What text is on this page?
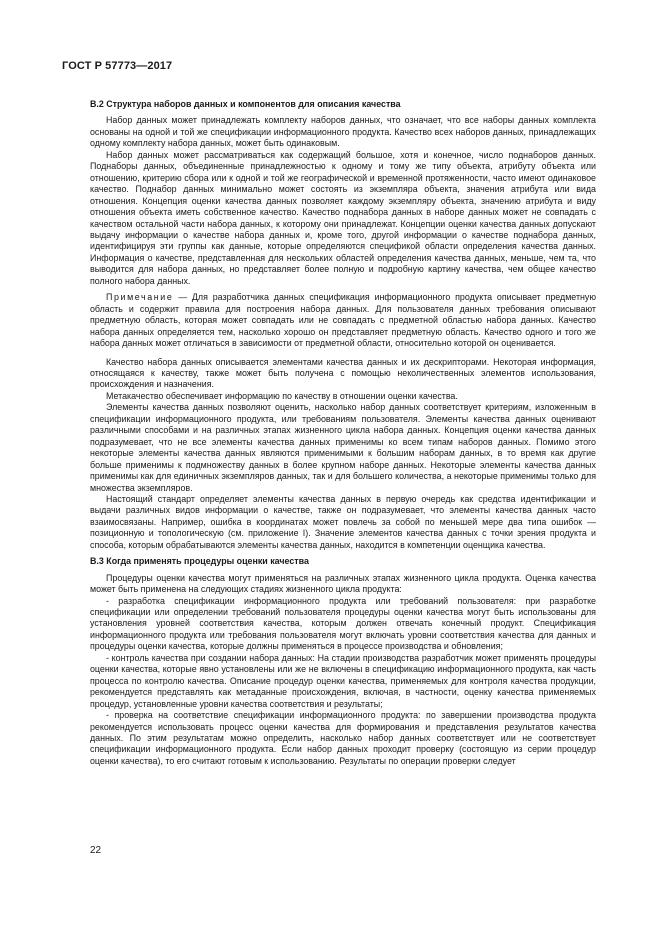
ГОСТ Р 57773—2017
B.2 Структура наборов данных и компонентов для описания качества

Набор данных может принадлежать комплекту наборов данных, что означает, что все наборы данных комплекта основаны на одной и той же спецификации информационного продукта. Качество всех наборов данных, принадлежащих одному комплекту набора данных, может быть одинаковым.

Набор данных может рассматриваться как содержащий большое, хотя и конечное, число поднаборов данных. Поднаборы данных, объединенные принадлежностью к одному и тому же типу объекта, атрибуту объекта или отношению, критерию сбора или к одной и той же географической и временной протяженности, часто имеют одинаковое качество. Поднабор данных минимально может состоять из экземпляра объекта, значения атрибута или вида отношения. Концепция оценки качества данных позволяет каждому экземпляру объекта, значению атрибута и виду отношения объекта иметь собственное качество. Качество поднабора данных в наборе данных может не совпадать с качеством остальной части набора данных, к которому они принадлежат. Концепции оценки качества данных допускают выдачу информации о качестве набора данных и, кроме того, другой информации о качестве поднабора данных, идентифицируя эти группы как данные, которые определяются спецификой области определения качества данных. Информация о качестве, представленная для нескольких областей определения качества данных, меньше, чем та, что выводится для набора данных, но представляет более полную и подробную картину качества, чем общее качество полного набора данных.

Примечание — Для разработчика данных спецификация информационного продукта описывает предметную область и содержит правила для построения набора данных. Для пользователя данных требования описывают предметную область, которая может совпадать или не совпадать с предметной областью набора данных. Качество набора данных определяется тем, насколько хорошо он представляет предметную область. Качество одного и того же набора данных может отличаться в зависимости от предметной области, относительно которой он оценивается.

Качество набора данных описывается элементами качества данных и их дескрипторами. Некоторая информация, относящаяся к качеству, также может быть получена с помощью неколичественных элементов использования, происхождения и назначения.

Метакачество обеспечивает информацию по качеству в отношении оценки качества.

Элементы качества данных позволяют оценить, насколько набор данных соответствует критериям, изложенным в спецификации информационного продукта, или требованиям пользователя. Элементы качества данных оценивают различными способами и на различных этапах жизненного цикла набора данных. Концепция оценки качества данных подразумевает, что не все элементы качества данных применимы ко всем типам наборов данных. Помимо этого некоторые элементы качества данных являются применимыми к большим наборам данных, в то время как другие больше применимы к подмножеству данных в более крупном наборе данных. Некоторые элементы качества данных применимы как для единичных экземпляров данных, так и для большего количества, а некоторые применимы только для множества экземпляров.

Настоящий стандарт определяет элементы качества данных в первую очередь как средства идентификации и выдачи различных видов информации о качестве, также он подразумевает, что элементы качества данных часто взаимосвязаны. Например, ошибка в координатах может повлечь за собой по меньшей мере два типа ошибок — позиционную и топологическую (см. приложение I). Значение элементов качества данных с точки зрения продукта и способа, которым обрабатываются элементы качества данных, находится в компетенции оценщика качества.

B.3 Когда применять процедуры оценки качества

Процедуры оценки качества могут применяться на различных этапах жизненного цикла продукта. Оценка качества может быть применена на следующих стадиях жизненного цикла продукта:

- разработка спецификации информационного продукта или требований пользователя: при разработке спецификации или определении требований пользователя процедуры оценки качества могут быть использованы для установления уровней соответствия качества, которым должен отвечать конечный продукт. Спецификация информационного продукта или требования пользователя могут включать уровни соответствия качества для данных и процедуры оценки качества, которые должны применяться в процессе производства и обновления;

- контроль качества при создании набора данных: На стадии производства разработчик может применять процедуры оценки качества, которые явно установлены или же не включены в спецификацию информационного продукта, как часть процесса по контролю качества. Описание процедур оценки качества, применяемых для контроля качества продукции, рекомендуется представлять как метаданные происхождения, включая, в частности, оценку качества применяемых процедур, установленные уровни качества соответствия и результаты;

- проверка на соответствие спецификации информационного продукта: по завершении производства продукта рекомендуется использовать процесс оценки качества для формирования и представления результатов качества данных. По этим результатам можно определить, насколько набор данных соответствует или не соответствует спецификации информационного продукта. Если набор данных проходит проверку (состоящую из серии процедур оценки качества), то его считают готовым к использованию. Результаты по операции проверки следует

22
